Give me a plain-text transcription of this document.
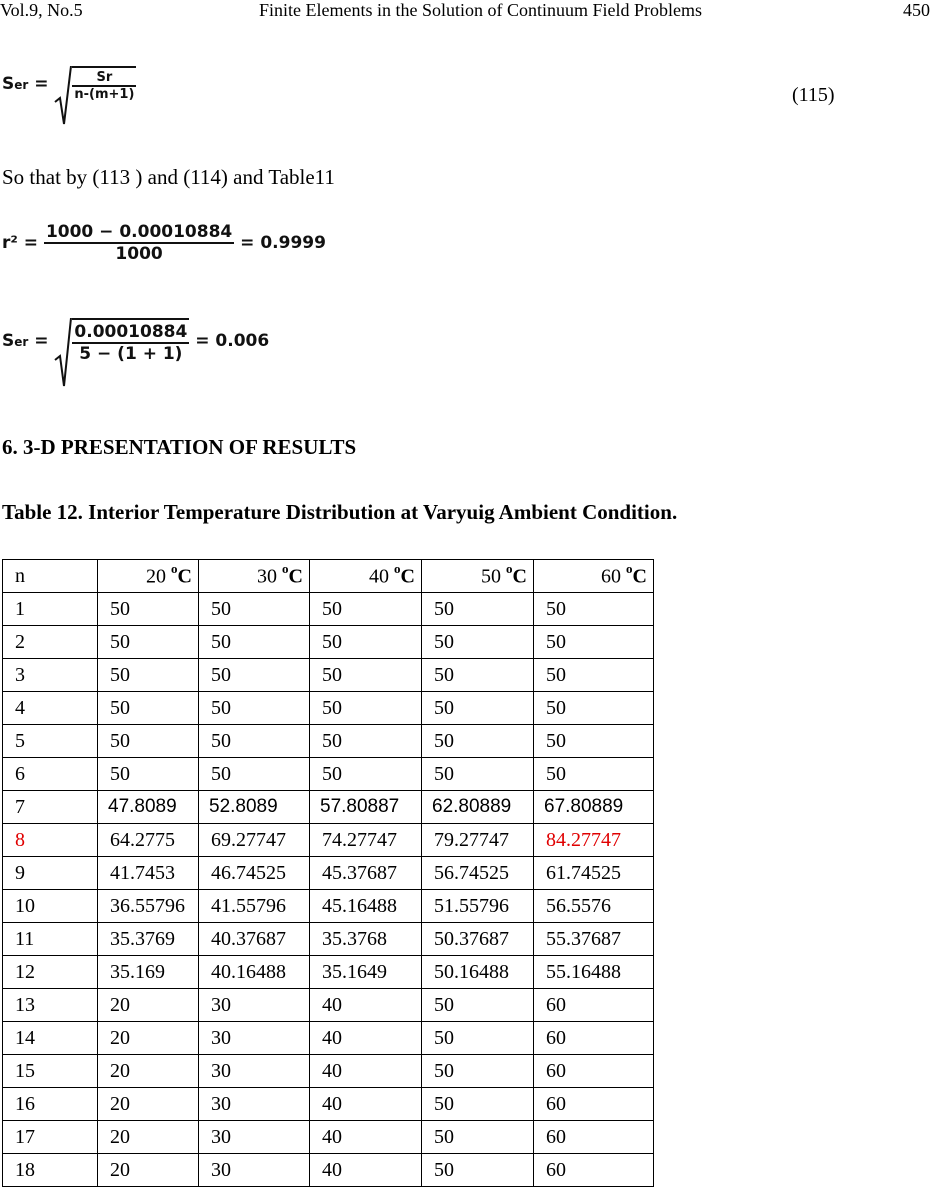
Vol.9, No.5	Finite Elements in the Solution of Continuum Field Problems	450
Ser = $\frac{Sr}{n-(m+1)}$	(115)
So that by (113 ) and (114) and Table11
$r^2 = \frac{1000 - 0.00010884}{1000} = 0.9999$
Ser = $\frac{0.00010884}{5 - (1 + 1)} = 0.006$
6. 3-D PRESENTATION OF RESULTS
Table 12. Interior Temperature Distribution at Varyuig Ambient Condition.
n	20 $^o$C	30 $^o$C	40 $^o$C	50 $^o$C	60 $^o$C
1	50	50	50	50	50
2	50	50	50	50	50
3	50	50	50	50	50
4	50	50	50	50	50
5	50	50	50	50	50
6	50	50	50	50	50
7	47.8089	52.8089	57.80887	62.80889	67.80889
8	64.2775	69.27747	74.27747	79.27747	84.27747
9	41.7453	46.74525	45.37687	56.74525	61.74525
10	36.55796	41.55796	45.16488	51.55796	56.5576
11	35.3769	40.37687	35.3768	50.37687	55.37687
12	35.169	40.16488	35.1649	50.16488	55.16488
13	20	30	40	50	60
14	20	30	40	50	60
15	20	30	40	50	60
16	20	30	40	50	60
17	20	30	40	50	60
18	20	30	40	50	60
